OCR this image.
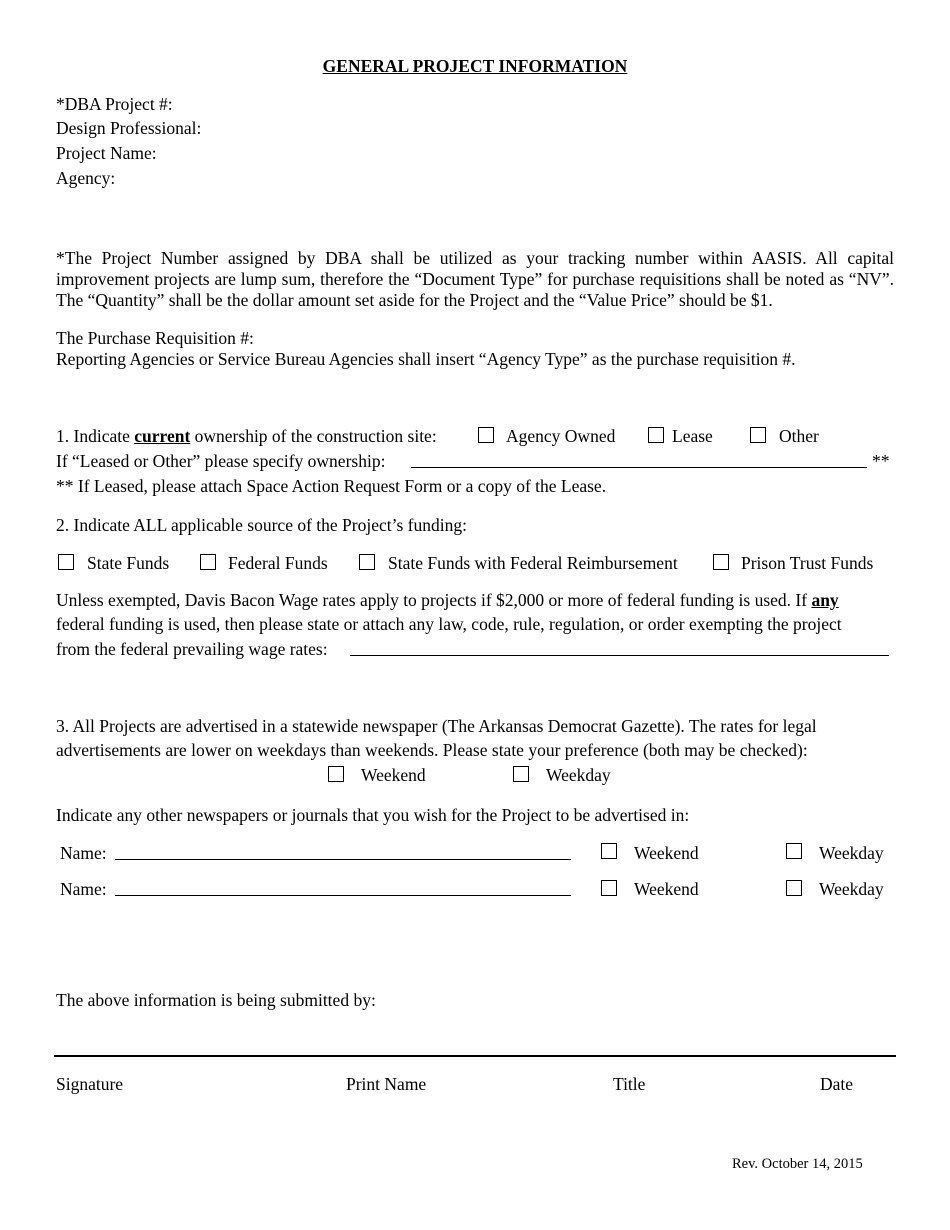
GENERAL PROJECT INFORMATION
*DBA Project #:
Design Professional:
Project Name:
Agency:
*The Project Number assigned by DBA shall be utilized as your tracking number within AASIS. All capital improvement projects are lump sum, therefore the “Document Type” for purchase requisitions shall be noted as “NV”. The “Quantity” shall be the dollar amount set aside for the Project and the “Value Price” should be $1.
The Purchase Requisition #:
Reporting Agencies or Service Bureau Agencies shall insert “Agency Type” as the purchase requisition #.
1. Indicate current ownership of the construction site:	Agency Owned	Lease	Other
If “Leased or Other” please specify ownership:	**
** If Leased, please attach Space Action Request Form or a copy of the Lease.
2. Indicate ALL applicable source of the Project’s funding:
State Funds	Federal Funds	State Funds with Federal Reimbursement	Prison Trust Funds
Unless exempted, Davis Bacon Wage rates apply to projects if $2,000 or more of federal funding is used. If any
federal funding is used, then please state or attach any law, code, rule, regulation, or order exempting the project
from the federal prevailing wage rates:
3. All Projects are advertised in a statewide newspaper (The Arkansas Democrat Gazette). The rates for legal
advertisements are lower on weekdays than weekends. Please state your preference (both may be checked):
Weekend	Weekday
Indicate any other newspapers or journals that you wish for the Project to be advertised in:
Name:	Weekend	Weekday
Name:	Weekend	Weekday
The above information is being submitted by:
Signature	Print Name	Title	Date
Rev. October 14, 2015
